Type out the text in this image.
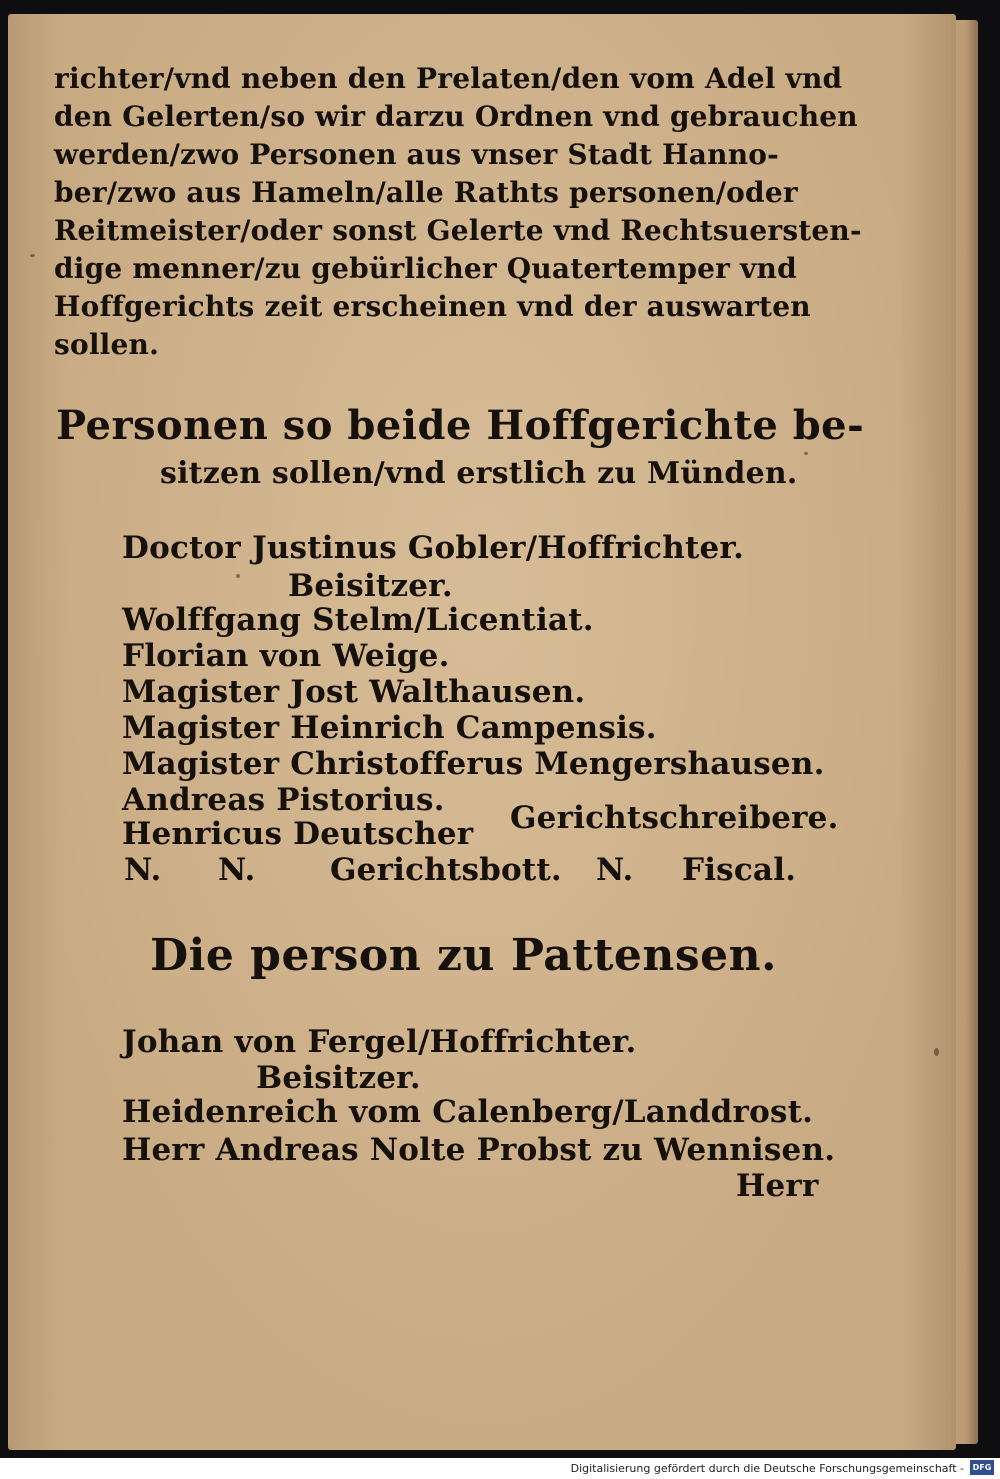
richter/vnd neben den Prelaten/den vom Adel vnd
den Gelerten/so wir darzu Ordnen vnd gebrauchen
werden/zwo Personen aus vnser Stadt Hanno-
ber/zwo aus Hameln/alle Rathts personen/oder
Reitmeister/oder sonst Gelerte vnd Rechtsuersten-
dige menner/zu gebürlicher Quatertemper vnd
Hoffgerichts zeit erscheinen vnd der auswarten
sollen.
Personen so beide Hoffgerichte be-
sitzen sollen/vnd erstlich zu Münden.
Doctor Justinus Gobler/Hoffrichter.
Beisitzer.
Wolffgang Stelm/Licentiat.
Florian von Weige.
Magister Jost Walthausen.
Magister Heinrich Campensis.
Magister Christofferus Mengershausen.
Andreas Pistorius.
Henricus Deutscher Gerichtschreibere.
N. N. Gerichtsbott. N. Fiscal.
Die person zu Pattensen.
Johan von Fergel/Hoffrichter.
Beisitzer.
Heidenreich vom Calenberg/Landdrost.
Herr Andreas Nolte Probst zu Wennisen.
Herr
Digitalisierung gefördert durch die Deutsche Forschungsgemeinschaft -	DFG
